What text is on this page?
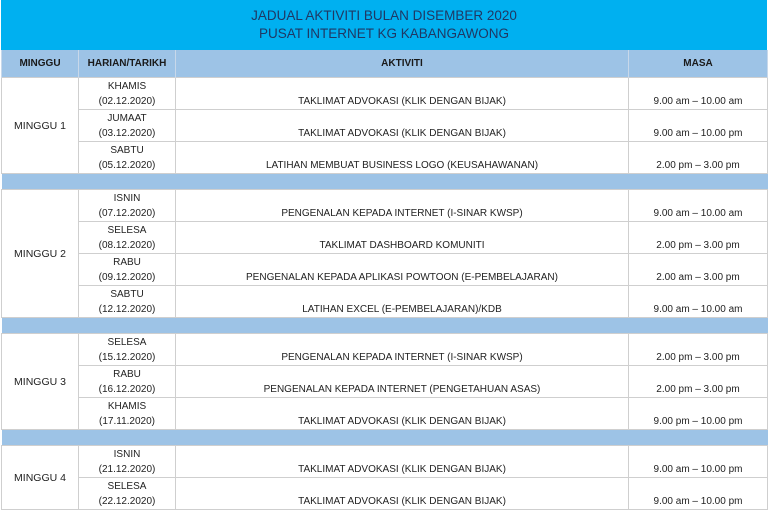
JADUAL AKTIVITI BULAN DISEMBER 2020
PUSAT INTERNET KG KABANGAWONG
MINGGU	HARIAN/TARIKH	AKTIVITI	MASA
MINGGU 1	KHAMIS
(02.12.2020)	TAKLIMAT ADVOKASI (KLIK DENGAN BIJAK)	9.00 am – 10.00 am

	JUMAAT
(03.12.2020)	TAKLIMAT ADVOKASI (KLIK DENGAN BIJAK)	9.00 am – 10.00 pm

	SABTU
(05.12.2020)	LATIHAN MEMBUAT BUSINESS LOGO (KEUSAHAWANAN)	2.00 pm – 3.00 pm

MINGGU 2	ISNIN
(07.12.2020)	PENGENALAN KEPADA INTERNET (I-SINAR KWSP)	9.00 am – 10.00 am

	SELESA
(08.12.2020)	TAKLIMAT DASHBOARD KOMUNITI	2.00 pm – 3.00 pm

	RABU
(09.12.2020)	PENGENALAN KEPADA APLIKASI POWTOON (E-PEMBELAJARAN)	2.00 am – 3.00 pm

	SABTU
(12.12.2020)	LATIHAN EXCEL (E-PEMBELAJARAN)/KDB	9.00 am – 10.00 am

MINGGU 3	SELESA
(15.12.2020)	PENGENALAN KEPADA INTERNET (I-SINAR KWSP)	2.00 pm – 3.00 pm

	RABU
(16.12.2020)	PENGENALAN KEPADA INTERNET (PENGETAHUAN ASAS)	2.00 pm – 3.00 pm

	KHAMIS
(17.11.2020)	TAKLIMAT ADVOKASI (KLIK DENGAN BIJAK)	9.00 pm – 10.00 pm

MINGGU 4	ISNIN
(21.12.2020)	TAKLIMAT ADVOKASI (KLIK DENGAN BIJAK)	9.00 am – 10.00 pm

	SELESA
(22.12.2020)	TAKLIMAT ADVOKASI (KLIK DENGAN BIJAK)	9.00 am – 10.00 pm
